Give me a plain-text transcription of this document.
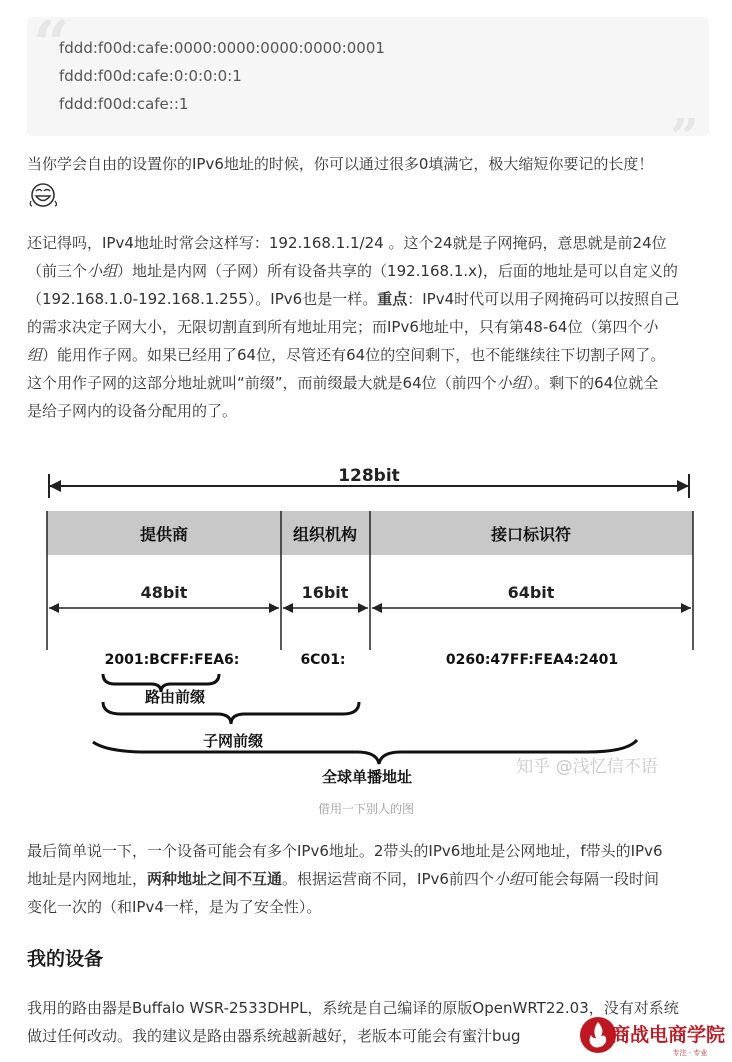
“
”
fddd:f00d:cafe:0000:0000:0000:0000:0001
fddd:f00d:cafe:0:0:0:0:1
fddd:f00d:cafe::1

当你学会自由的设置你的IPv6地址的时候，你可以通过很多0填满它，极大缩短你要记的长度！

还记得吗，IPv4地址时常会这样写：192.168.1.1/24 。这个24就是子网掩码，意思就是前24位
（前三个小组）地址是内网（子网）所有设备共享的（192.168.1.x)，后面的地址是可以自定义的
（192.168.1.0-192.168.1.255）。IPv6也是一样。重点：IPv4时代可以用子网掩码可以按照自己
的需求决定子网大小，无限切割直到所有地址用完；而IPv6地址中，只有第48-64位（第四个小
组）能用作子网。如果已经用了64位，尽管还有64位的空间剩下，也不能继续往下切割子网了。
这个用作子网的这部分地址就叫“前缀”，而前缀最大就是64位（前四个小组）。剩下的64位就全
是给子网内的设备分配用的了。
128bit
提供商	组织机构	接口标识符
48bit	16bit	64bit
2001:BCFF:FEA6:	6C01:	0260:47FF:FEA4:2401
路由前缀
子网前缀
全球单播地址	知乎 @浅忆信不语
借用一下别人的图
最后简单说一下，一个设备可能会有多个IPv6地址。2带头的IPv6地址是公网地址，f带头的IPv6
地址是内网地址，两种地址之间不互通。根据运营商不同，IPv6前四个小组可能会每隔一段时间
变化一次的（和IPv4一样，是为了安全性）。
我的设备
我用的路由器是Buffalo WSR-2533DHPL，系统是自己编译的原版OpenWRT22.03，没有对系统
做过任何改动。我的建议是路由器系统越新越好，老版本可能会有蜜汁bug	商战电商学院
专注 · 专业
